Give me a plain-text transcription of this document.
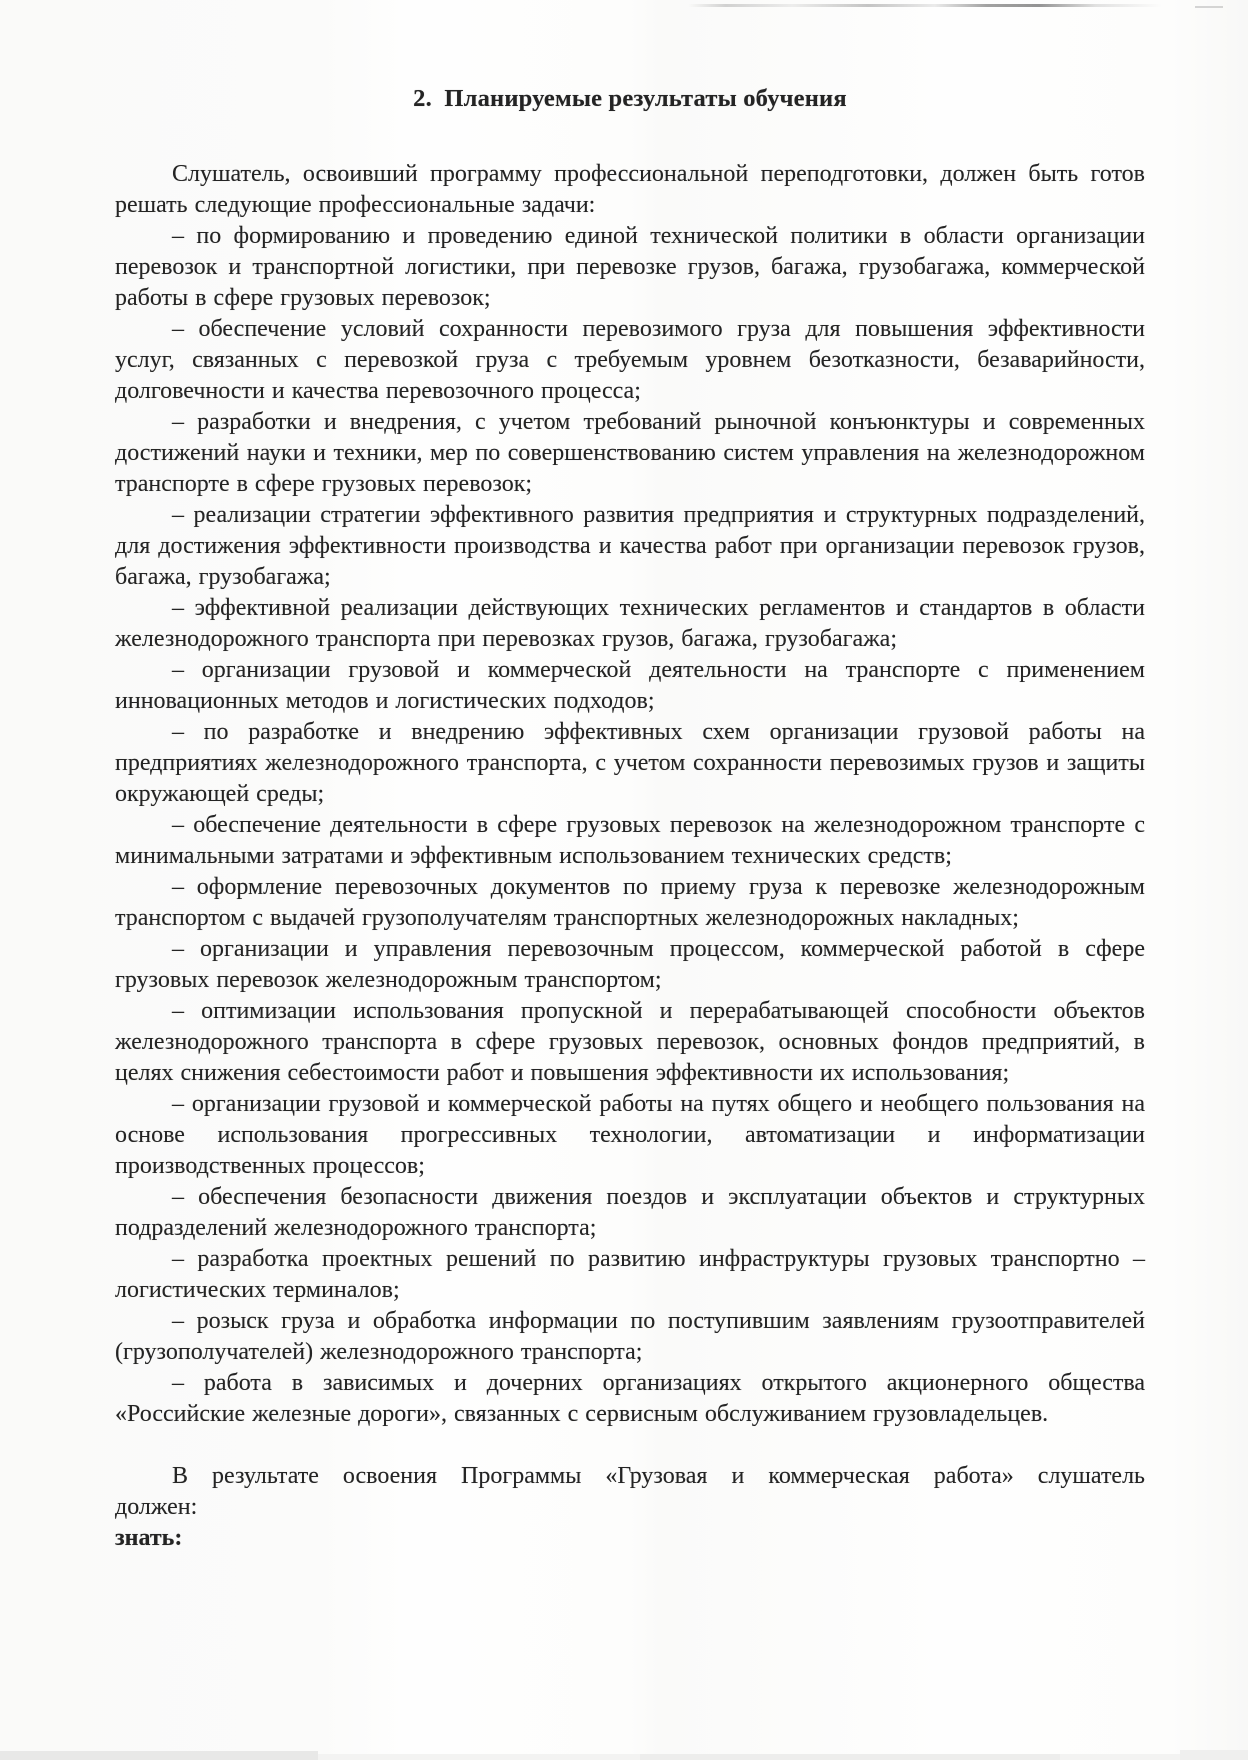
2. Планируемые результаты обучения

Слушатель, освоивший программу профессиональной переподготовки, должен быть готов решать следующие профессиональные задачи:

– по формированию и проведению единой технической политики в области организации перевозок и транспортной логистики, при перевозке грузов, багажа, грузобагажа, коммерческой работы в сфере грузовых перевозок;

– обеспечение условий сохранности перевозимого груза для повышения эффективности услуг, связанных с перевозкой груза с требуемым уровнем безотказности, безаварийности, долговечности и качества перевозочного процесса;

– разработки и внедрения, с учетом требований рыночной конъюнктуры и современных достижений науки и техники, мер по совершенствованию систем управления на железнодорожном транспорте в сфере грузовых перевозок;

– реализации стратегии эффективного развития предприятия и структурных подразделений, для достижения эффективности производства и качества работ при организации перевозок грузов, багажа, грузобагажа;

– эффективной реализации действующих технических регламентов и стандартов в области железнодорожного транспорта при перевозках грузов, багажа, грузобагажа;

– организации грузовой и коммерческой деятельности на транспорте с применением инновационных методов и логистических подходов;

– по разработке и внедрению эффективных схем организации грузовой работы на предприятиях железнодорожного транспорта, с учетом сохранности перевозимых грузов и защиты окружающей среды;

– обеспечение деятельности в сфере грузовых перевозок на железнодорожном транспорте с минимальными затратами и эффективным использованием технических средств;

– оформление перевозочных документов по приему груза к перевозке железнодорожным транспортом с выдачей грузополучателям транспортных железнодорожных накладных;

– организации и управления перевозочным процессом, коммерческой работой в сфере грузовых перевозок железнодорожным транспортом;

– оптимизации использования пропускной и перерабатывающей способности объектов железнодорожного транспорта в сфере грузовых перевозок, основных фондов предприятий, в целях снижения себестоимости работ и повышения эффективности их использования;

– организации грузовой и коммерческой работы на путях общего и необщего пользования на основе использования прогрессивных технологии, автоматизации и информатизации производственных процессов;

– обеспечения безопасности движения поездов и эксплуатации объектов и структурных подразделений железнодорожного транспорта;

– разработка проектных решений по развитию инфраструктуры грузовых транспортно – логистических терминалов;

– розыск груза и обработка информации по поступившим заявлениям грузоотправителей (грузополучателей) железнодорожного транспорта;

– работа в зависимых и дочерних организациях открытого акционерного общества «Российские железные дороги», связанных с сервисным обслуживанием грузовладельцев.

В результате освоения Программы «Грузовая и коммерческая работа» слушатель
должен:

знать:
